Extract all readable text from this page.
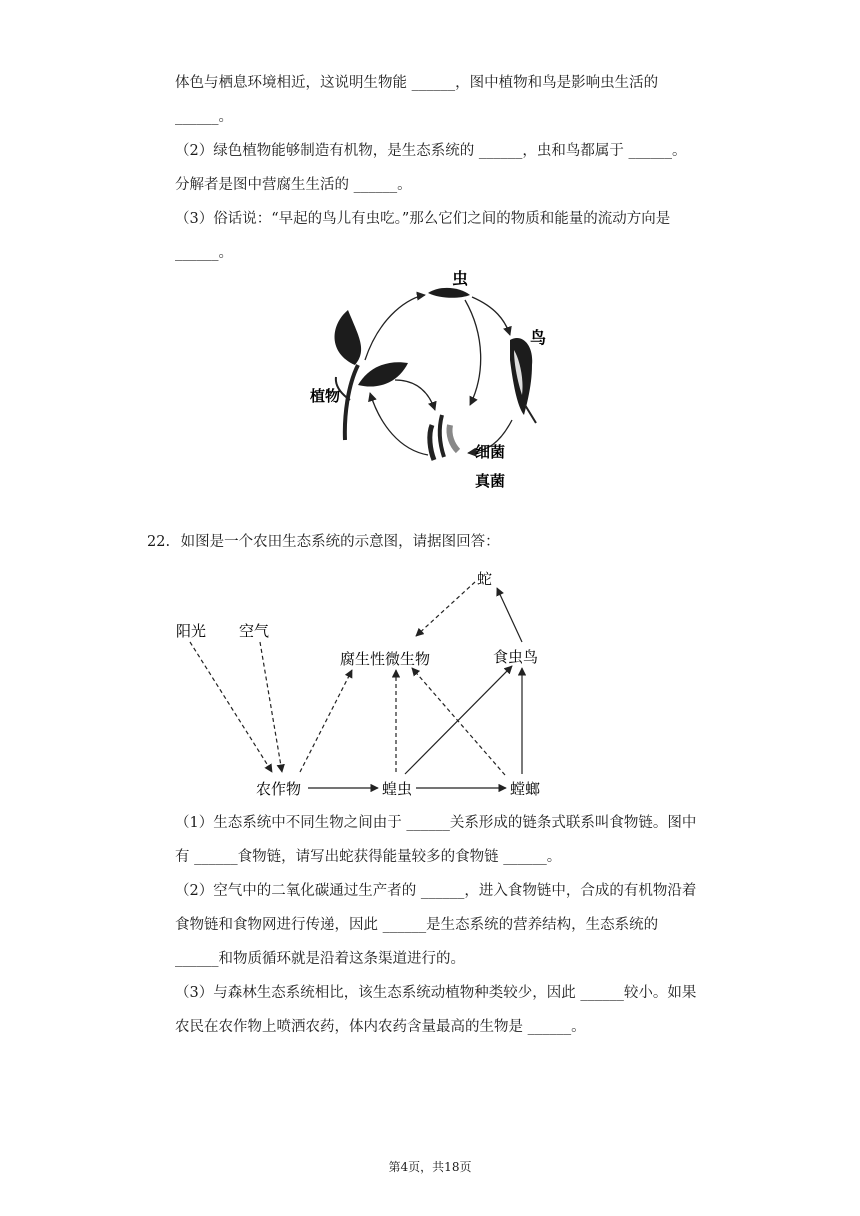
体色与栖息环境相近，这说明生物能 ______，图中植物和鸟是影响虫生活的
______。
（2）绿色植物能够制造有机物，是生态系统的 ______，虫和鸟都属于 ______。
分解者是图中营腐生生活的 ______。
（3）俗话说：“早起的鸟儿有虫吃。”那么它们之间的物质和能量的流动方向是
______。
虫
鸟
植物
细菌
真菌
22. 如图是一个农田生态系统的示意图，请据图回答：
蛇
阳光 空气
腐生性微生物	食虫鸟
农作物	蝗虫	螳螂
（1）生态系统中不同生物之间由于 ______关系形成的链条式联系叫食物链。图中
有 ______食物链，请写出蛇获得能量较多的食物链 ______。
（2）空气中的二氧化碳通过生产者的 ______，进入食物链中，合成的有机物沿着
食物链和食物网进行传递，因此 ______是生态系统的营养结构，生态系统的
______和物质循环就是沿着这条渠道进行的。
（3）与森林生态系统相比，该生态系统动植物种类较少，因此 ______较小。如果
农民在农作物上喷洒农药，体内农药含量最高的生物是 ______。
第4页，共18页
